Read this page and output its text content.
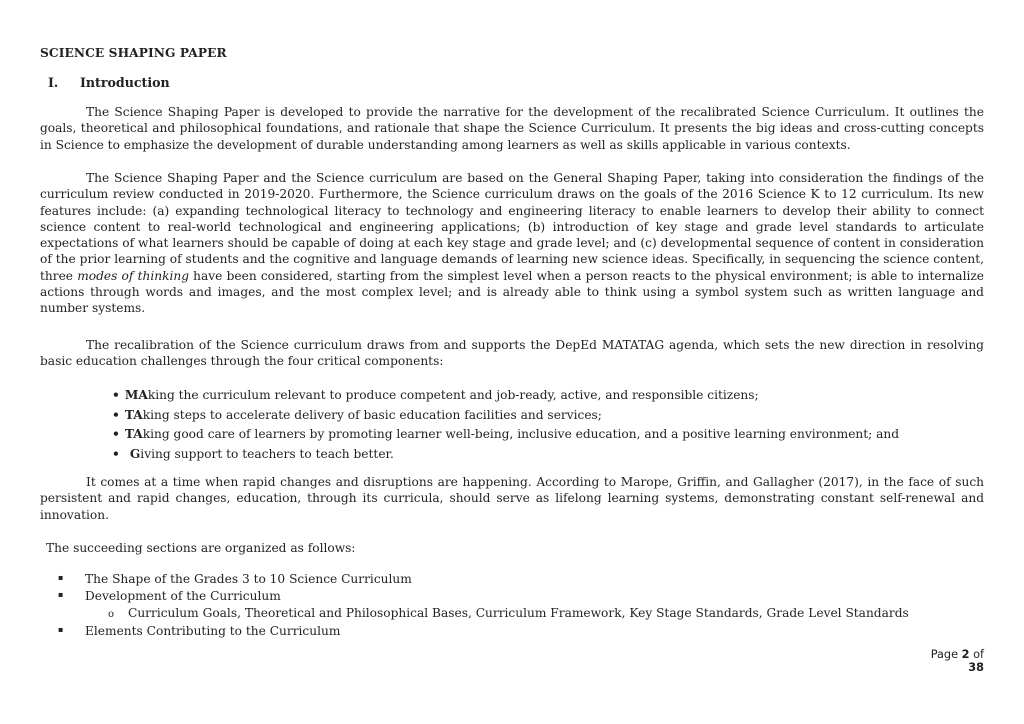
SCIENCE SHAPING PAPER
I. Introduction

The Science Shaping Paper is developed to provide the narrative for the development of the recalibrated Science Curriculum. It outlines the goals, theoretical and philosophical foundations, and rationale that shape the Science Curriculum. It presents the big ideas and cross-cutting concepts in Science to emphasize the development of durable understanding among learners as well as skills applicable in various contexts.

The Science Shaping Paper and the Science curriculum are based on the General Shaping Paper, taking into consideration the findings of the curriculum review conducted in 2019-2020. Furthermore, the Science curriculum draws on the goals of the 2016 Science K to 12 curriculum. Its new features include: (a) expanding technological literacy to technology and engineering literacy to enable learners to develop their ability to connect science content to real-world technological and engineering applications; (b) introduction of key stage and grade level standards to articulate expectations of what learners should be capable of doing at each key stage and grade level; and (c) developmental sequence of content in consideration of the prior learning of students and the cognitive and language demands of learning new science ideas. Specifically, in sequencing the science content, three modes of thinking have been considered, starting from the simplest level when a person reacts to the physical environment; is able to internalize actions through words and images, and the most complex level; and is already able to think using a symbol system such as written language and number systems.

The recalibration of the Science curriculum draws from and supports the DepEd MATATAG agenda, which sets the new direction in resolving basic education challenges through the four critical components:

• MAking the curriculum relevant to produce competent and job-ready, active, and responsible citizens;
• TAking steps to accelerate delivery of basic education facilities and services;
• TAking good care of learners by promoting learner well-being, inclusive education, and a positive learning environment; and
• Giving support to teachers to teach better.

It comes at a time when rapid changes and disruptions are happening. According to Marope, Griffin, and Gallagher (2017), in the face of such persistent and rapid changes, education, through its curricula, should serve as lifelong learning systems, demonstrating constant self-renewal and innovation.

The succeeding sections are organized as follows:
▪ The Shape of the Grades 3 to 10 Science Curriculum
▪ Development of the Curriculum
o Curriculum Goals, Theoretical and Philosophical Bases, Curriculum Framework, Key Stage Standards, Grade Level Standards
▪ Elements Contributing to the Curriculum
Page 2 of 38
